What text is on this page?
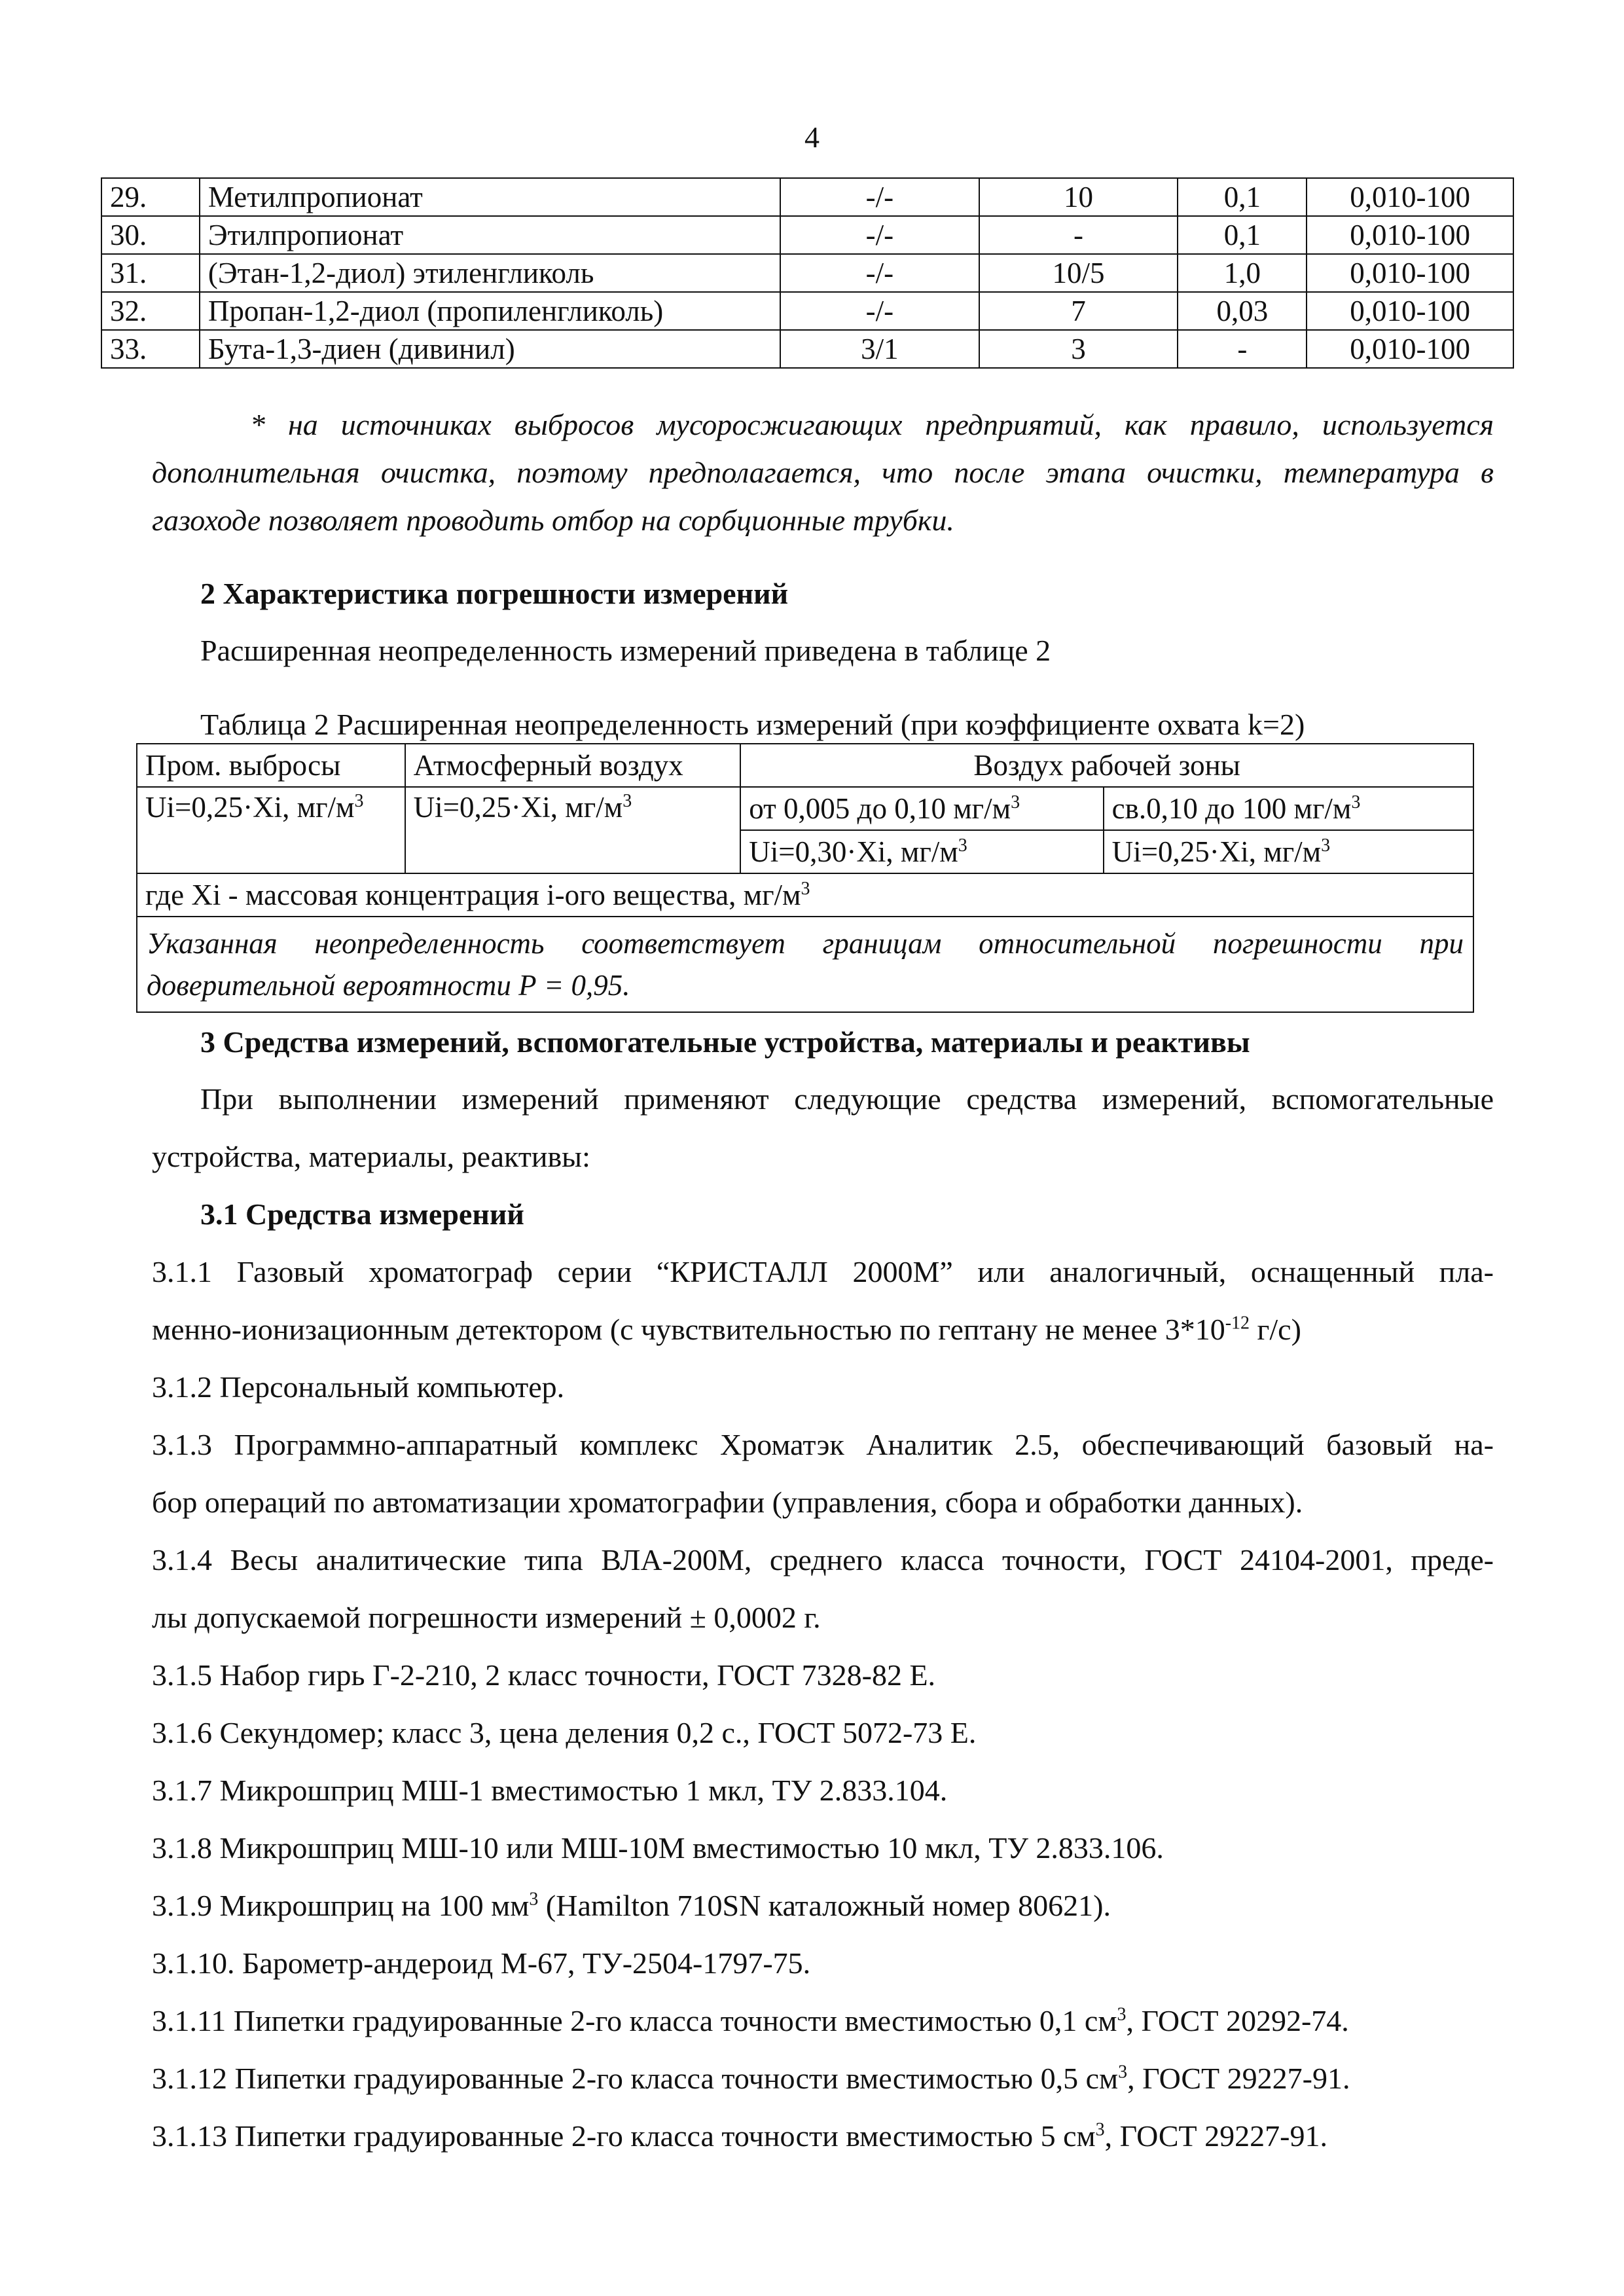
4
29.	Метилпропионат	-/-	10	0,1	0,010-100
30.	Этилпропионат	-/-	-	0,1	0,010-100
31.	(Этан-1,2-диол) этиленгликоль	-/-	10/5	1,0	0,010-100
32.	Пропан-1,2-диол (пропиленгликоль)	-/-	7	0,03	0,010-100
33.	Бута-1,3-диен (дивинил)	3/1	3	-	0,010-100
* на источниках выбросов мусоросжигающих предприятий, как правило, используется
дополнительная очистка, поэтому предполагается, что после этапа очистки, температура в
газоходе позволяет проводить отбор на сорбционные трубки.
2 Характеристика погрешности измерений

Расширенная неопределенность измерений приведена в таблице 2

Таблица 2 Расширенная неопределенность измерений (при коэффициенте охвата k=2)
Пром. выбросы	Атмосферный воздух	Воздух рабочей зоны	
Ui=0,25·Xi, $мг/м^3$	Ui=0,25·Xi, $мг/м^3$	от 0,005 до 0,10 $мг/м^3$	св.0,10 до 100 $мг/м^3$
		Ui=0,30·Xi, $мг/м^3$	Ui=0,25·Xi, $мг/м^3$
где Xi - массовая концентрация i-ого вещества, $мг/м^3$
Указанная неопределенность соответствует границам относительной погрешности при доверительной вероятности Р = 0,95.			
3 Средства измерений, вспомогательные устройства, материалы и реактивы

При выполнении измерений применяют следующие средства измерений, вспомогательные

устройства, материалы, реактивы:

3.1 Средства измерений

3.1.1 Газовый хроматограф серии “КРИСТАЛЛ 2000М” или аналогичный, оснащенный пла-

менно-ионизационным детектором (с чувствительностью по гептану не менее $3*10^{-12}$ г/с)

3.1.2 Персональный компьютер.

3.1.3 Программно-аппаратный комплекс Хроматэк Аналитик 2.5, обеспечивающий базовый на-

бор операций по автоматизации хроматографии (управления, сбора и обработки данных).

3.1.4 Весы аналитические типа ВЛА-200М, среднего класса точности, ГОСТ 24104-2001, преде-

лы допускаемой погрешности измерений ± 0,0002 г.

3.1.5 Набор гирь Г-2-210, 2 класс точности, ГОСТ 7328-82 Е.

3.1.6 Секундомер; класс 3, цена деления 0,2 с., ГОСТ 5072-73 Е.

3.1.7 Микрошприц МШ-1 вместимостью 1 мкл, ТУ 2.833.104.

3.1.8 Микрошприц МШ-10 или МШ-10М вместимостью 10 мкл, ТУ 2.833.106.

3.1.9 Микрошприц на 100 $мм^3$ (Hamilton 710SN каталожный номер 80621).

3.1.10. Барометр-андероид М-67, ТУ-2504-1797-75.

3.1.11 Пипетки градуированные 2-го класса точности вместимостью 0,1 $см^3$, ГОСТ 20292-74.

3.1.12 Пипетки градуированные 2-го класса точности вместимостью 0,5 $см^3$, ГОСТ 29227-91.

3.1.13 Пипетки градуированные 2-го класса точности вместимостью 5 $см^3$, ГОСТ 29227-91.
